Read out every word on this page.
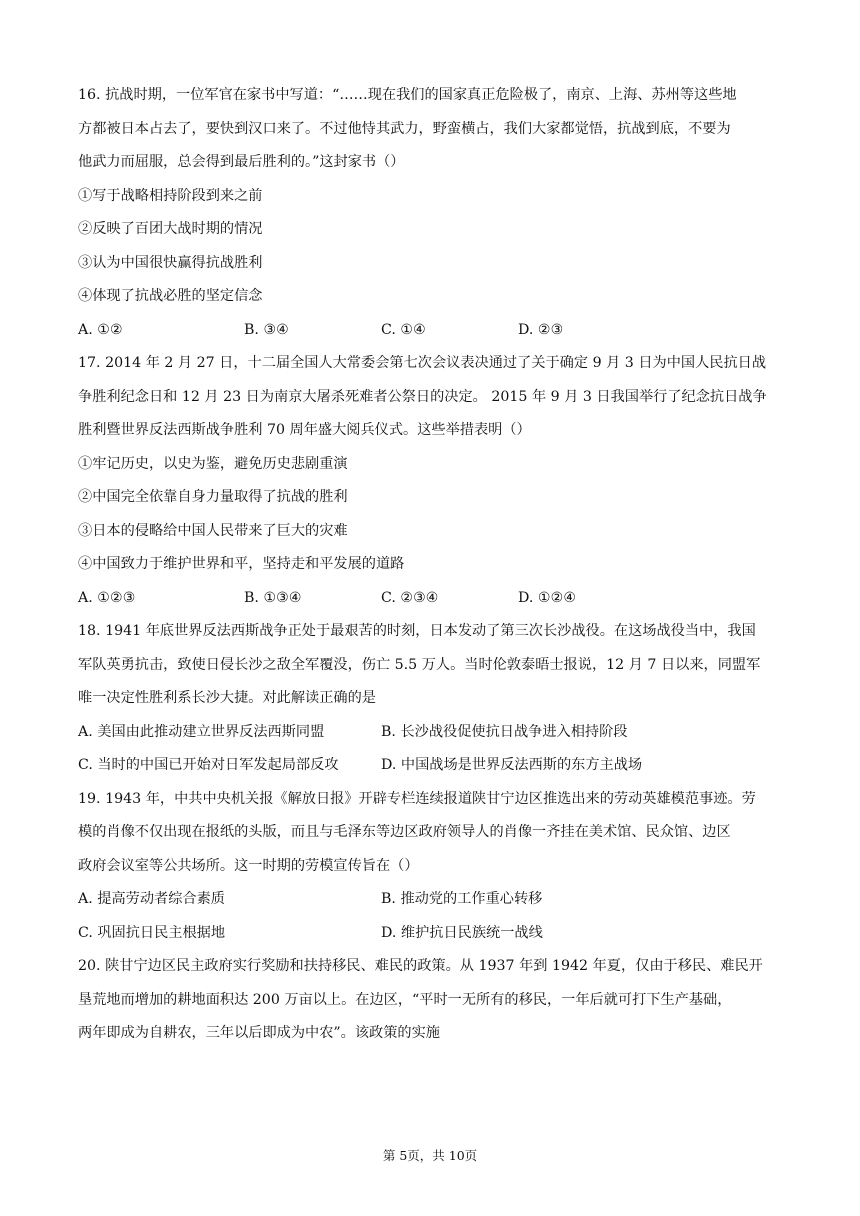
16. 抗战时期，一位军官在家书中写道：“……现在我们的国家真正危险极了，南京、上海、苏州等这些地

方都被日本占去了，要快到汉口来了。不过他恃其武力，野蛮横占，我们大家都觉悟，抗战到底，不要为

他武力而屈服，总会得到最后胜利的。”这封家书（）

①写于战略相持阶段到来之前

②反映了百团大战时期的情况

③认为中国很快赢得抗战胜利

④体现了抗战必胜的坚定信念

A. ①②	B. ③④	C. ①④	D. ②③

17. 2014 年 2 月 27 日，十二届全国人大常委会第七次会议表决通过了关于确定 9 月 3 日为中国人民抗日战

争胜利纪念日和 12 月 23 日为南京大屠杀死难者公祭日的决定。 2015 年 9 月 3 日我国举行了纪念抗日战争

胜利暨世界反法西斯战争胜利 70 周年盛大阅兵仪式。这些举措表明（）

①牢记历史，以史为鉴，避免历史悲剧重演

②中国完全依靠自身力量取得了抗战的胜利

③日本的侵略给中国人民带来了巨大的灾难

④中国致力于维护世界和平，坚持走和平发展的道路

A. ①②③	B. ①③④	C. ②③④	D. ①②④

18. 1941 年底世界反法西斯战争正处于最艰苦的时刻，日本发动了第三次长沙战役。在这场战役当中，我国

军队英勇抗击，致使日侵长沙之敌全军覆没，伤亡 5.5 万人。当时伦敦泰晤士报说，12 月 7 日以来，同盟军

唯一决定性胜利系长沙大捷。对此解读正确的是

A. 美国由此推动建立世界反法西斯同盟	B. 长沙战役促使抗日战争进入相持阶段
C. 当时的中国已开始对日军发起局部反攻	D. 中国战场是世界反法西斯的东方主战场

19. 1943 年，中共中央机关报《解放日报》开辟专栏连续报道陕甘宁边区推选出来的劳动英雄模范事迹。劳

模的肖像不仅出现在报纸的头版，而且与毛泽东等边区政府领导人的肖像一齐挂在美术馆、民众馆、边区

政府会议室等公共场所。这一时期的劳模宣传旨在（）

A. 提高劳动者综合素质	B. 推动党的工作重心转移
C. 巩固抗日民主根据地	D. 维护抗日民族统一战线

20. 陕甘宁边区民主政府实行奖励和扶持移民、难民的政策。从 1937 年到 1942 年夏，仅由于移民、难民开

垦荒地而增加的耕地面积达 200 万亩以上。在边区，“平时一无所有的移民，一年后就可打下生产基础，

两年即成为自耕农，三年以后即成为中农”。该政策的实施

第 5页，共 10页
